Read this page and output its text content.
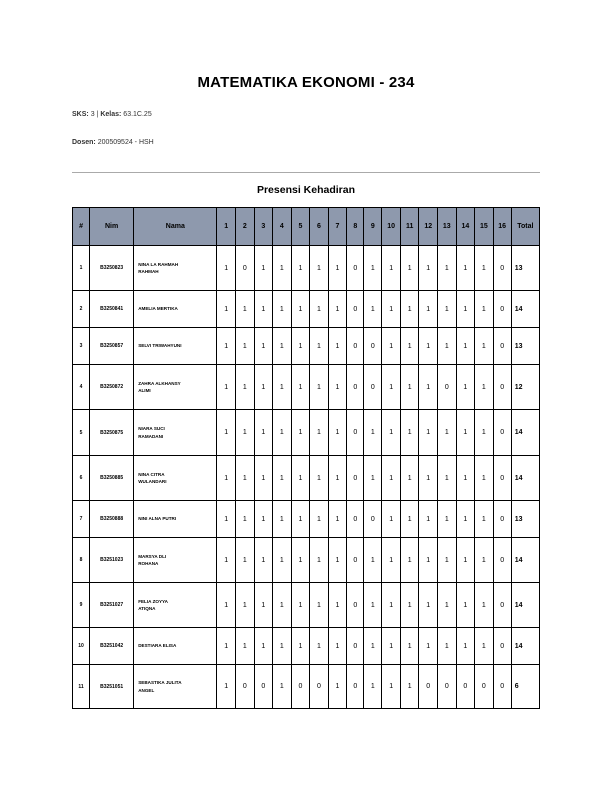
MATEMATIKA EKONOMI - 234
SKS: 3 | Kelas: 63.1C.25
Dosen: 200509524 - HSH
Presensi Kehadiran
#	Nim	Nama	1	2	3	4	5	6	7	8	9	10	11	12	13	14	15	16	Total
1	B3250823	NINA LA RAHMAH
RAHMAH	1	0	1	1	1	1	1	0	1	1	1	1	1	1	1	0	13
2	B3250841	AMELIA MERTIKA	1	1	1	1	1	1	1	0	1	1	1	1	1	1	1	0	14
3	B3250857	SELVI TRIWAHYUNI	1	1	1	1	1	1	1	0	0	1	1	1	1	1	1	0	13
4	B3250872	ZAHRA ALKHANSY
ALIMI	1	1	1	1	1	1	1	0	0	1	1	1	0	1	1	0	12
5	B3250875	NIARA SUCI
RAMADANI	1	1	1	1	1	1	1	0	1	1	1	1	1	1	1	0	14
6	B3250885	NINA CITRA
WULANDARI	1	1	1	1	1	1	1	0	1	1	1	1	1	1	1	0	14
7	B3250888	NINI ALNA PUTRI	1	1	1	1	1	1	1	0	0	1	1	1	1	1	1	0	13
8	B3251023	MARSYA DLI
ROHANA	1	1	1	1	1	1	1	0	1	1	1	1	1	1	1	0	14
9	B3251027	FELIA ZOYYA
ATIQNA	1	1	1	1	1	1	1	0	1	1	1	1	1	1	1	0	14
10	B3251042	DESTIARA ELISA	1	1	1	1	1	1	1	0	1	1	1	1	1	1	1	0	14
11	B3251051	SEBASTIKA JULITA
ANGEL	1	0	0	1	0	0	1	0	1	1	1	0	0	0	0	0	6
